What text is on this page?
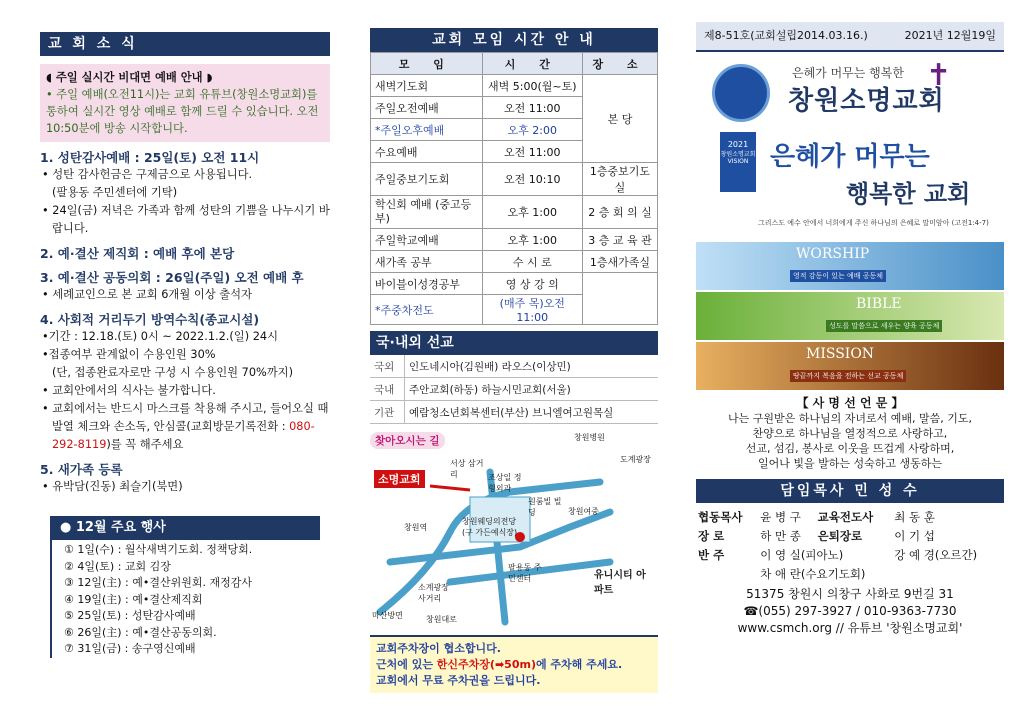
교 회 소 식
◖ 주일 실시간 비대면 예배 안내 ◗
• 주일 예배(오전11시)는 교회 유튜브(창원소명교회)를 통하여 실시간 영상 예배로 함께 드릴 수 있습니다. 오전 10:50분에 방송 시작합니다.
1. 성탄감사예배 : 25일(토) 오전 11시
• 성탄 감사헌금은 구제금으로 사용됩니다.
(팔용동 주민센터에 기탁)
• 24일(금) 저녁은 가족과 함께 성탄의 기쁨을 나누시기 바랍니다.
2. 예·결산 제직회 : 예배 후에 본당
3. 예·결산 공동의회 : 26일(주일) 오전 예배 후
• 세례교인으로 본 교회 6개월 이상 출석자
4. 사회적 거리두기 방역수칙(종교시설)
•기간 : 12.18.(토) 0시 ~ 2022.1.2.(일) 24시
•접종여부 관계없이 수용인원 30%
(단, 접종완료자로만 구성 시 수용인원 70%까지)
• 교회안에서의 식사는 불가합니다.
• 교회에서는 반드시 마스크를 착용해 주시고, 들어오실 때 발열 체크와 손소독, 안심콜(교회방문기록전화 : 080-292-8119)를 꼭 해주세요
5. 새가족 등록
• 유박담(진동) 최슬기(북면)
● 12월 주요 행사
① 1일(수) : 월삭새벽기도회. 정책당회.
② 4일(토) : 교회 김장
③ 12일(主) : 예•결산위원회. 재정감사
④ 19일(主) : 예•결산제직회
⑤ 25일(토) : 성탄감사예배
⑥ 26일(主) : 예•결산공동의회.
⑦ 31일(금) : 송구영신예배
교회 모임 시간 안 내
모 임	시 간	장 소
새벽기도회	새벽 5:00(월~토)	본 당
주일오전예배	오전 11:00	
*주일오후예배	오후 2:00	
수요예배	오전 11:00	
주일중보기도회	오전 10:10	1층중보기도실
학신회 예배 (중고등부)	오후 1:00	2 층 회 의 실
주일학교예배	오후 1:00	3 층 교 육 관
새가족 공부	수 시 로	1층새가족실
바이블이성경공부	영 상 강 의	
*주중차전도	(매주 목)오전11:00	
국·내외 선교
국외	인도네시아(김원배) 라오스(이상민)
국내	주안교회(하동) 하늘시민교회(서울)
기관	예람청소년회복센터(부산) 브니엘여고원목실
찾아오시는 길
소명교회
서상 삼거리	조상일 정형외과
원룸빌 빌딩	창원여중
창원역
창원웨딩의전당 (구 가든예식장)
팔용동 주민센터
소계광장 사거리
유니시티 아파트
창원병원
도계광장
마산방면	창원대로
교회주차장이 협소합니다.
근처에 있는 한신주차장(➡50m)에 주차해 주세요.
교회에서 무료 주차권을 드립니다.
제8-51호(교회설립2014.03.16.)	2021년 12월19일
은혜가 머무는 행복한
창원소명교회
✝
2021
창원소명교회 VISION 은혜가 머무는
행복한 교회
그리스도 예수 안에서 너희에게 주신 하나님의 은혜로 말미암아 (고전1:4-7)
WORSHIP
영적 감동이 있는 예배 공동체
BIBLE
성도를 말씀으로 세우는 양육 공동체
MISSION
땅끝까지 복음을 전하는 선교 공동체
【 사 명 선 언 문 】
나는 구원받은 하나님의 자녀로서 예배, 말씀, 기도,
찬양으로 하나님을 열정적으로 사랑하고,
선교, 섬김, 봉사로 이웃을 뜨겁게 사랑하며,
일어나 빛을 발하는 성숙하고 생동하는
담임목사 민 성 수
협동목사	윤 병 구	교육전도사	최 동 훈
장 로	하 만 종	은퇴장로	이 기 섭
반 주	이 영 실(피아노)		강 예 경(오르간)
	차 애 란(수요기도회)		
51375 창원시 의창구 사화로 9번길 31
☎(055) 297-3927 / 010-9363-7730
www.csmch.org // 유튜브 '창원소명교회'
